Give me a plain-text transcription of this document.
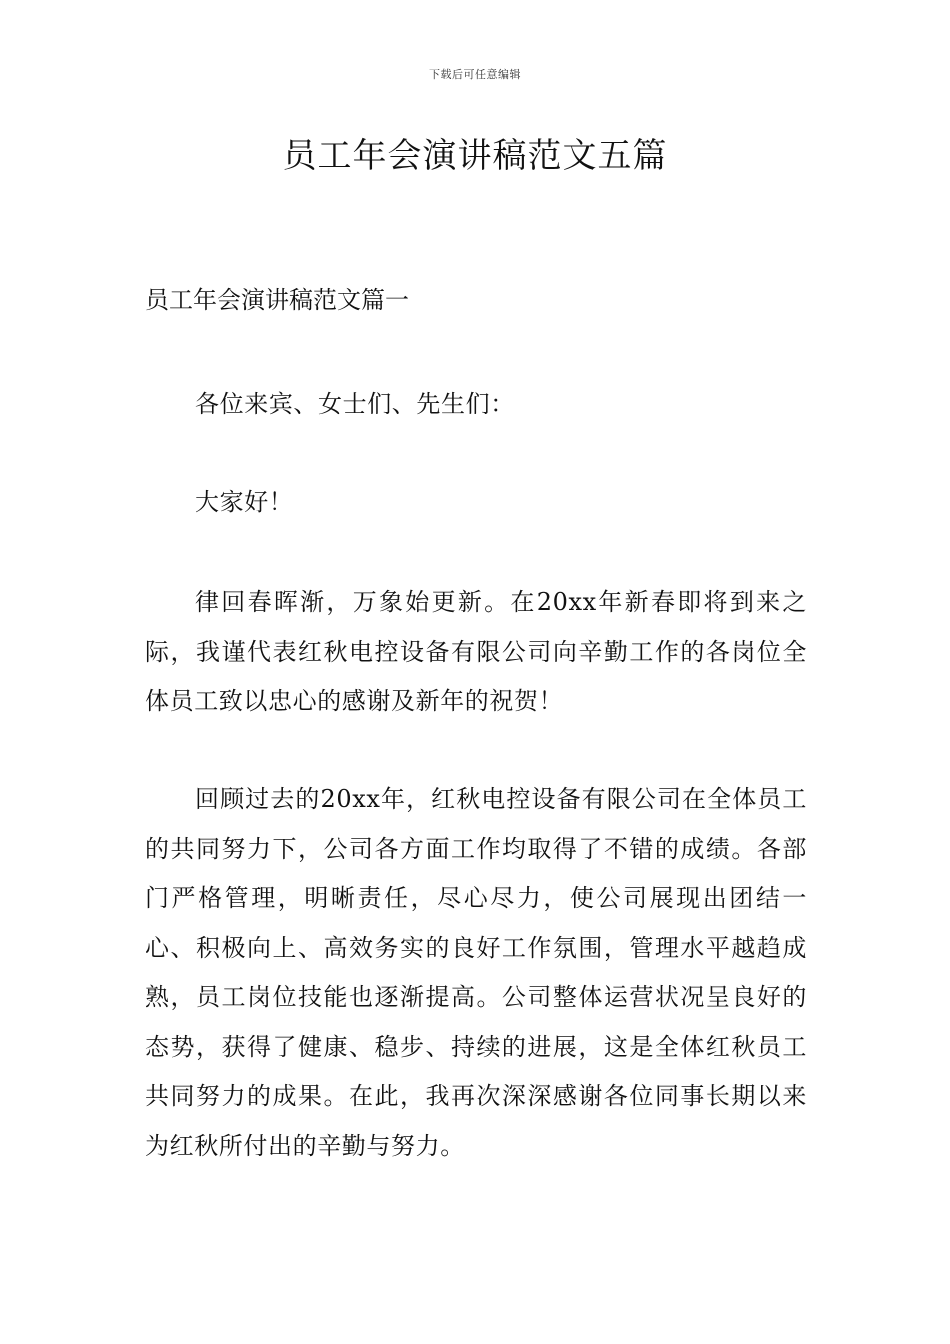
下载后可任意编辑
员工年会演讲稿范文五篇
员工年会演讲稿范文篇一

各位来宾、女士们、先生们：

大家好！

律回春晖渐，万象始更新。在20xx年新春即将到来之际，我谨代表红秋电控设备有限公司向辛勤工作的各岗位全体员工致以忠心的感谢及新年的祝贺！

回顾过去的20xx年，红秋电控设备有限公司在全体员工的共同努力下，公司各方面工作均取得了不错的成绩。各部门严格管理，明晰责任，尽心尽力，使公司展现出团结一心、积极向上、高效务实的良好工作氛围，管理水平越趋成熟，员工岗位技能也逐渐提高。公司整体运营状况呈良好的态势，获得了健康、稳步、持续的进展，这是全体红秋员工共同努力的成果。在此，我再次深深感谢各位同事长期以来为红秋所付出的辛勤与努力。
